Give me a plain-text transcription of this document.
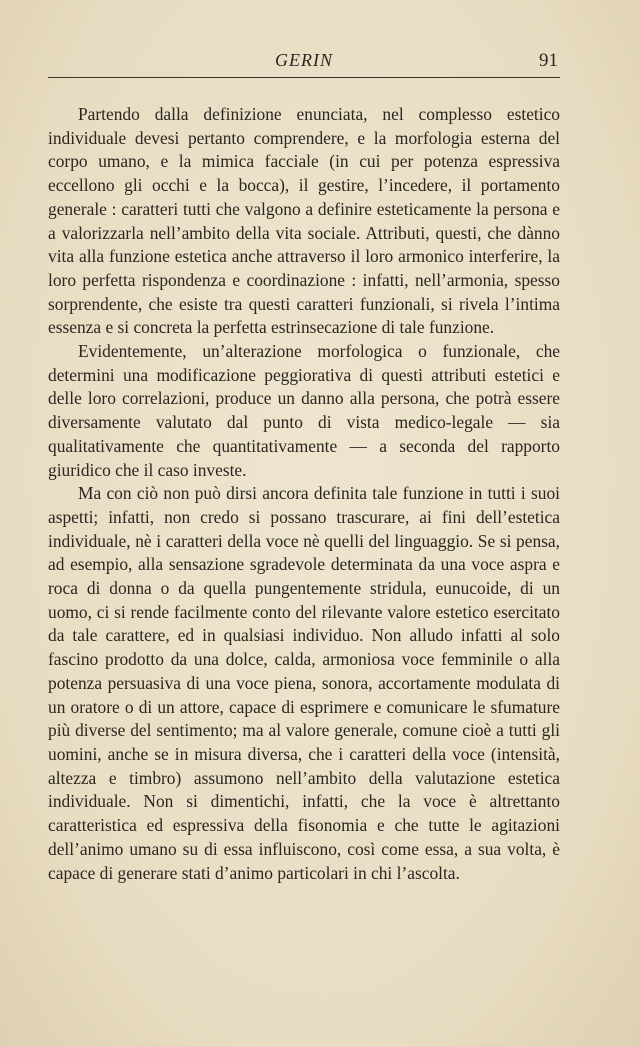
GERIN	91

Partendo dalla definizione enunciata, nel complesso estetico individuale devesi pertanto comprendere, e la morfologia esterna del corpo umano, e la mimica facciale (in cui per potenza espressiva eccellono gli occhi e la bocca), il gestire, l’incedere, il portamento generale : caratteri tutti che valgono a definire esteticamente la persona e a valorizzarla nell’ambito della vita sociale. Attributi, questi, che dànno vita alla funzione estetica anche attraverso il loro armonico interferire, la loro perfetta rispondenza e coordinazione : infatti, nell’armonia, spesso sorprendente, che esiste tra questi caratteri funzionali, si rivela l’intima essenza e si concreta la perfetta estrinsecazione di tale funzione.

Evidentemente, un’alterazione morfologica o funzionale, che determini una modificazione peggiorativa di questi attributi estetici e delle loro correlazioni, produce un danno alla persona, che potrà essere diversamente valutato dal punto di vista medico-legale — sia qualitativamente che quantitativamente — a seconda del rapporto giuridico che il caso investe.

Ma con ciò non può dirsi ancora definita tale funzione in tutti i suoi aspetti; infatti, non credo si possano trascurare, ai fini dell’estetica individuale, nè i caratteri della voce nè quelli del linguaggio. Se si pensa, ad esempio, alla sensazione sgradevole determinata da una voce aspra e roca di donna o da quella pungentemente stridula, eunucoide, di un uomo, ci si rende facilmente conto del rilevante valore estetico esercitato da tale carattere, ed in qualsiasi individuo. Non alludo infatti al solo fascino prodotto da una dolce, calda, armoniosa voce femminile o alla potenza persuasiva di una voce piena, sonora, accortamente modulata di un oratore o di un attore, capace di esprimere e comunicare le sfumature più diverse del sentimento; ma al valore generale, comune cioè a tutti gli uomini, anche se in misura diversa, che i caratteri della voce (intensità, altezza e timbro) assumono nell’ambito della valutazione estetica individuale. Non si dimentichi, infatti, che la voce è altrettanto caratteristica ed espressiva della fisonomia e che tutte le agitazioni dell’animo umano su di essa influiscono, così come essa, a sua volta, è capace di generare stati d’animo particolari in chi l’ascolta.
